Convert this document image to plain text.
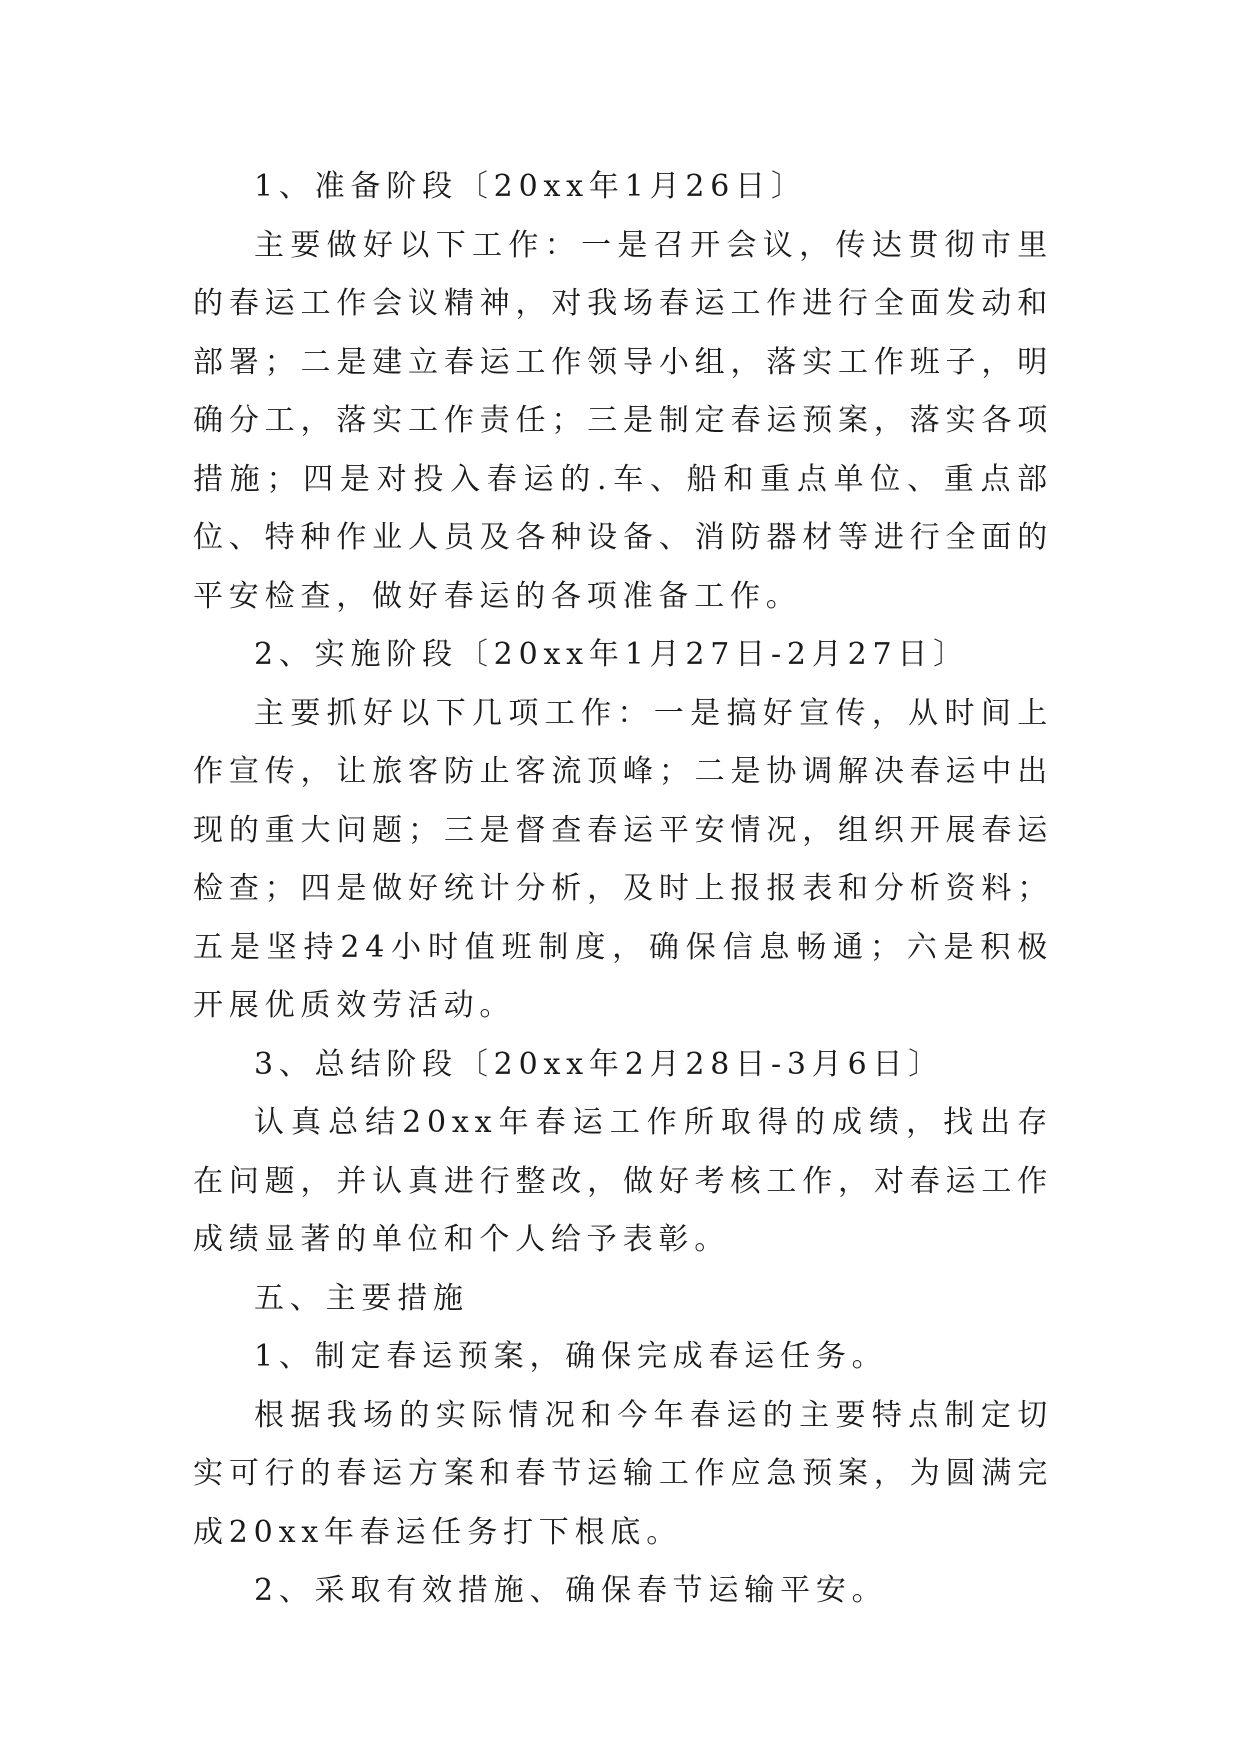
1、准备阶段〔20xx年1月26日〕

主要做好以下工作：一是召开会议，传达贯彻市里的春运工作会议精神，对我场春运工作进行全面发动和部署；二是建立春运工作领导小组，落实工作班子，明确分工，落实工作责任；三是制定春运预案，落实各项措施；四是对投入春运的.车、船和重点单位、重点部位、特种作业人员及各种设备、消防器材等进行全面的平安检查，做好春运的各项准备工作。

2、实施阶段〔20xx年1月27日-2月27日〕

主要抓好以下几项工作：一是搞好宣传，从时间上作宣传，让旅客防止客流顶峰；二是协调解决春运中出现的重大问题；三是督查春运平安情况，组织开展春运检查；四是做好统计分析，及时上报报表和分析资料；五是坚持24小时值班制度，确保信息畅通；六是积极开展优质效劳活动。

3、总结阶段〔20xx年2月28日-3月6日〕

认真总结20xx年春运工作所取得的成绩，找出存在问题，并认真进行整改，做好考核工作，对春运工作成绩显著的单位和个人给予表彰。

五、主要措施

1、制定春运预案，确保完成春运任务。

根据我场的实际情况和今年春运的主要特点制定切实可行的春运方案和春节运输工作应急预案，为圆满完成20xx年春运任务打下根底。

2、采取有效措施、确保春节运输平安。
